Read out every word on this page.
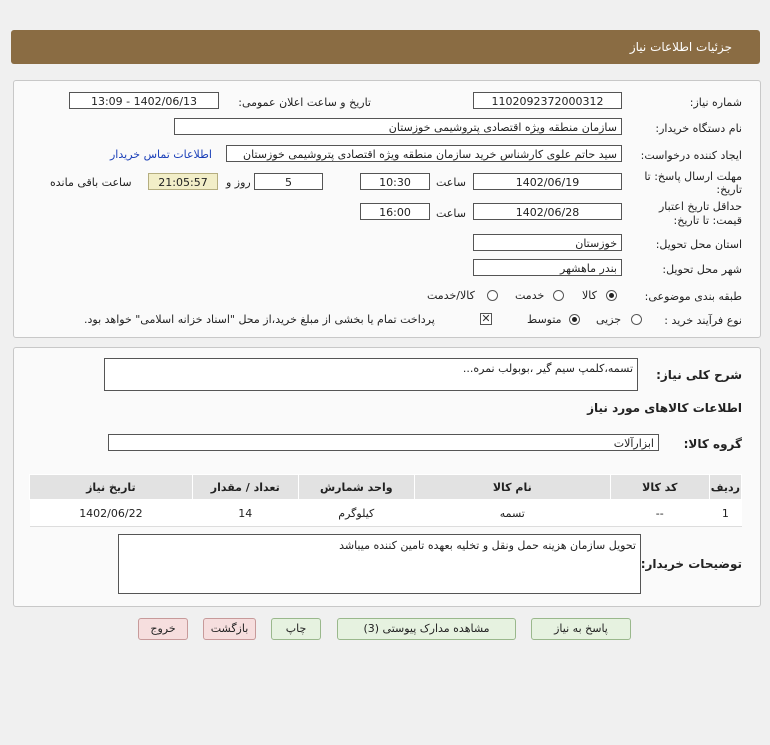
جزئیات اطلاعات نیاز
شماره نیاز:
1102092372000312
تاریخ و ساعت اعلان عمومی:
1402/06/13 - 13:09
نام دستگاه خریدار:
سازمان منطقه ویژه اقتصادی پتروشیمی خوزستان
ایجاد کننده درخواست:
سید حاتم علوی کارشناس خرید سازمان منطقه ویژه اقتصادی پتروشیمی خوزستان
اطلاعات تماس خریدار
مهلت ارسال پاسخ: تا
تاریخ:
1402/06/19
ساعت
10:30
5
روز و
21:05:57
ساعت باقی مانده
حداقل تاریخ اعتبار
قیمت: تا تاریخ:
1402/06/28
ساعت
16:00
استان محل تحویل:
خوزستان
شهر محل تحویل:
بندر ماهشهر
طبقه بندی موضوعی:
کالا
خدمت
کالا/خدمت
نوع فرآیند خرید :
جزیی
متوسط
✕
پرداخت تمام یا بخشی از مبلغ خرید،از محل "اسناد خزانه اسلامی" خواهد بود.
شرح کلی نیاز:
تسمه،کلمپ سیم گیر ،بوبولب نمره...
اطلاعات کالاهای مورد نیاز
گروه کالا:
ابزارآلات
ردیف	کد کالا	نام کالا	واحد شمارش	تعداد / مقدار	تاریخ نیاز
1	--	تسمه	کیلوگرم	14	1402/06/22
توضیحات خریدار:
تحویل سازمان هزینه حمل ونقل و تخلیه بعهده تامین کننده میباشد
پاسخ به نیاز
مشاهده مدارک پیوستی (3)
چاپ
بازگشت
خروج
